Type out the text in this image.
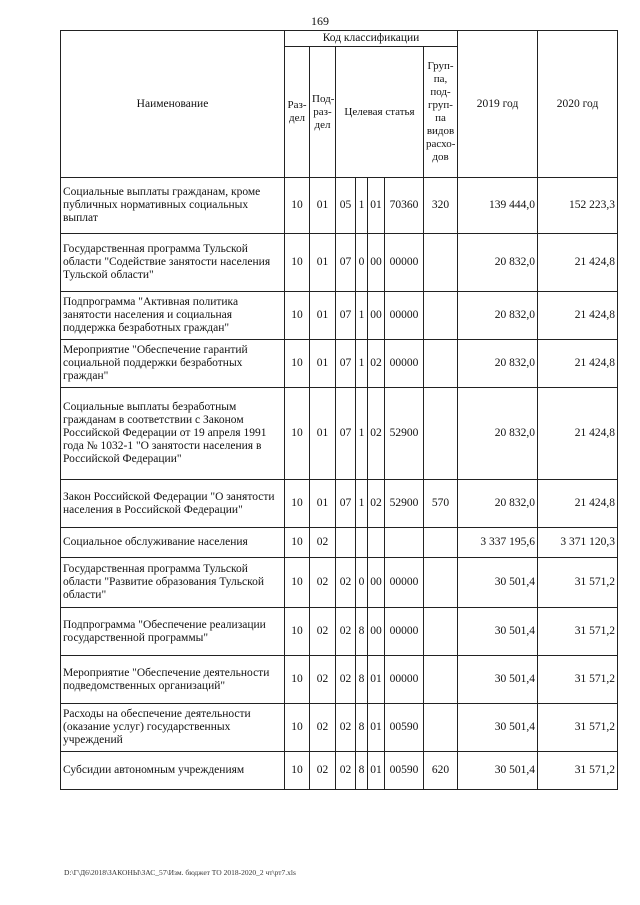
169
Наименование	Код классификации							2019 год	2020 год
	Раз-дел	Под-раз-дел	Целевая статья				Груп-па, под-груп-па видов расхо-дов		
Социальные выплаты гражданам, кроме публичных нормативных социальных выплат	10	01	05	1	01	70360	320	139 444,0	152 223,3
Государственная программа Тульской области "Содействие занятости населения Тульской области"	10	01	07	0	00	00000		20 832,0	21 424,8
Подпрограмма "Активная политика занятости населения и социальная поддержка безработных граждан"	10	01	07	1	00	00000		20 832,0	21 424,8
Мероприятие "Обеспечение гарантий социальной поддержки безработных граждан"	10	01	07	1	02	00000		20 832,0	21 424,8
Социальные выплаты безработным гражданам в соответствии с Законом Российской Федерации от 19 апреля 1991 года № 1032-1 "О занятости населения в Российской Федерации"	10	01	07	1	02	52900		20 832,0	21 424,8
Закон Российской Федерации "О занятости населения в Российской Федерации"	10	01	07	1	02	52900	570	20 832,0	21 424,8
Социальное обслуживание населения	10	02						3 337 195,6	3 371 120,3
Государственная программа Тульской области "Развитие образования Тульской области"	10	02	02	0	00	00000		30 501,4	31 571,2
Подпрограмма "Обеспечение реализации государственной программы"	10	02	02	8	00	00000		30 501,4	31 571,2
Мероприятие "Обеспечение деятельности подведомственных организаций"	10	02	02	8	01	00000		30 501,4	31 571,2
Расходы на обеспечение деятельности (оказание услуг) государственных учреждений	10	02	02	8	01	00590		30 501,4	31 571,2
Субсидии автономным учреждениям	10	02	02	8	01	00590	620	30 501,4	31 571,2
D:\Г\Д6\2018\ЗАКОНЫ\ЗАС_57\Изм. бюджет ТО 2018-2020_2 чт\рт7.xls
